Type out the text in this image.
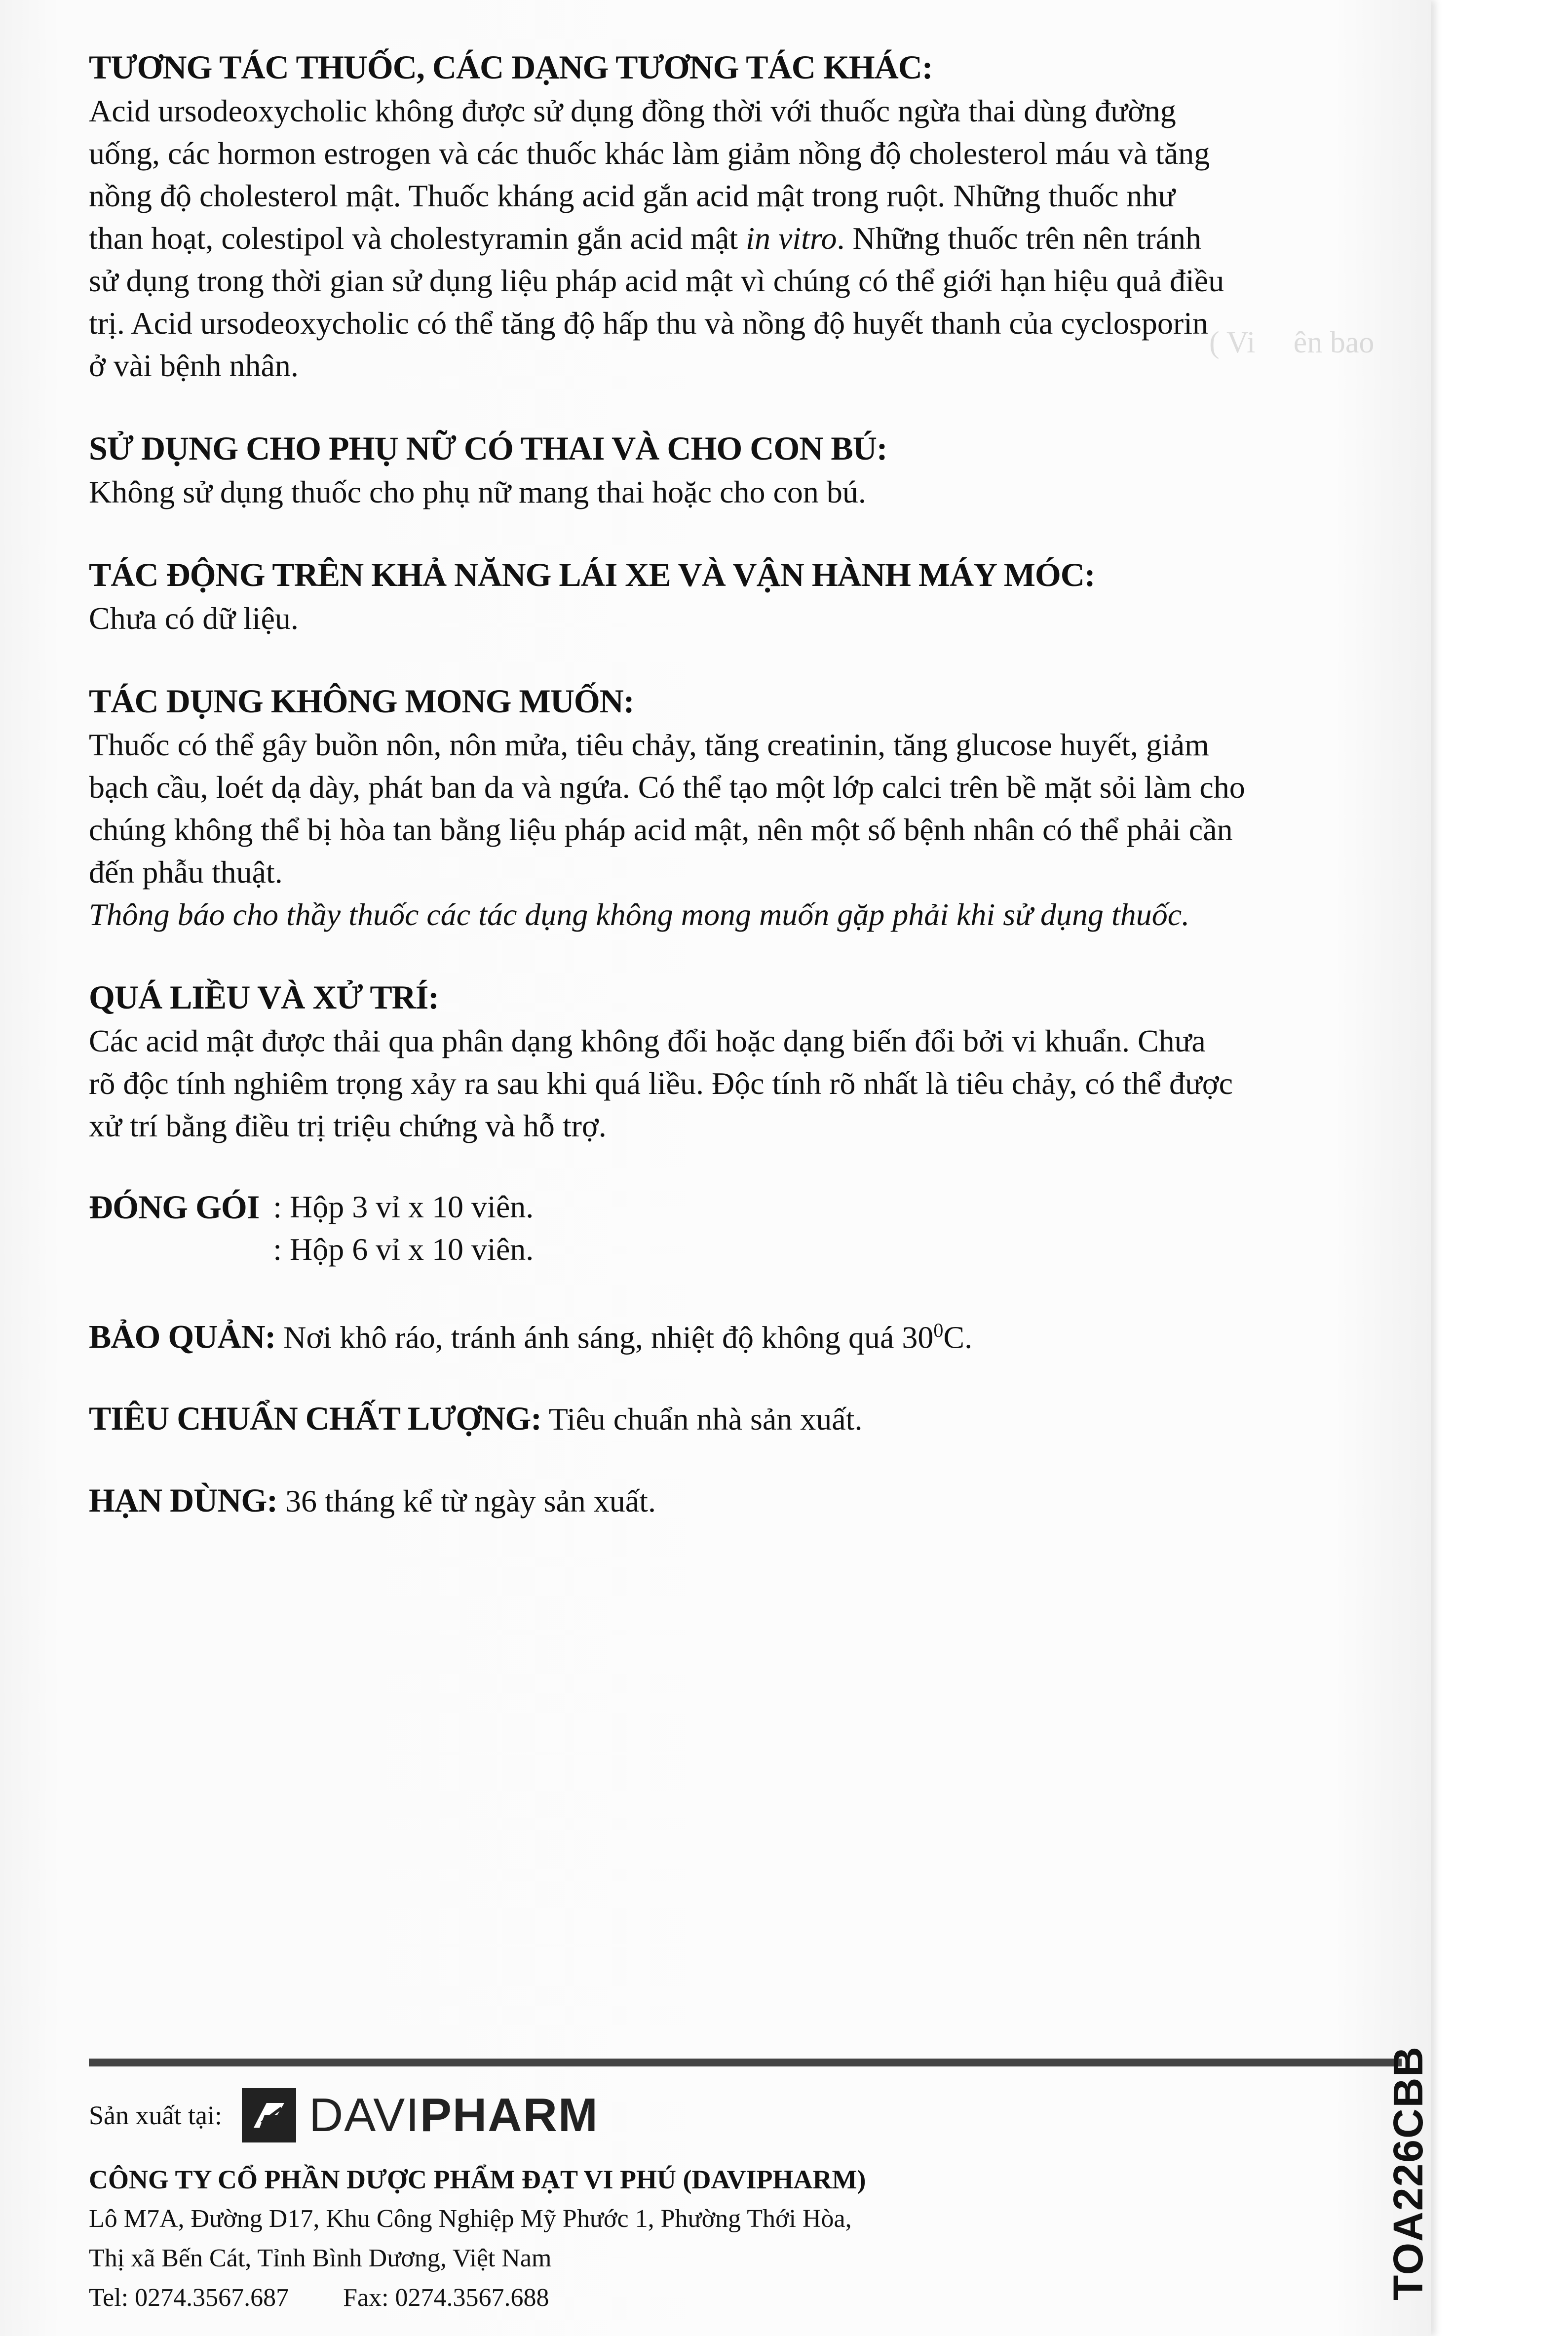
( Vi     ên bao
TƯƠNG TÁC THUỐC, CÁC DẠNG TƯƠNG TÁC KHÁC:

Acid ursodeoxycholic không được sử dụng đồng thời với thuốc ngừa thai dùng đường

uống, các hormon estrogen và các thuốc khác làm giảm nồng độ cholesterol máu và tăng

nồng độ cholesterol mật. Thuốc kháng acid gắn acid mật trong ruột. Những thuốc như

than hoạt, colestipol và cholestyramin gắn acid mật in vitro. Những thuốc trên nên tránh

sử dụng trong thời gian sử dụng liệu pháp acid mật vì chúng có thể giới hạn hiệu quả điều

trị. Acid ursodeoxycholic có thể tăng độ hấp thu và nồng độ huyết thanh của cyclosporin

ở vài bệnh nhân.

SỬ DỤNG CHO PHỤ NỮ CÓ THAI VÀ CHO CON BÚ:

Không sử dụng thuốc cho phụ nữ mang thai hoặc cho con bú.

TÁC ĐỘNG TRÊN KHẢ NĂNG LÁI XE VÀ VẬN HÀNH MÁY MÓC:

Chưa có dữ liệu.

TÁC DỤNG KHÔNG MONG MUỐN:

Thuốc có thể gây buồn nôn, nôn mửa, tiêu chảy, tăng creatinin, tăng glucose huyết, giảm

bạch cầu, loét dạ dày, phát ban da và ngứa. Có thể tạo một lớp calci trên bề mặt sỏi làm cho

chúng không thể bị hòa tan bằng liệu pháp acid mật, nên một số bệnh nhân có thể phải cần

đến phẫu thuật.

Thông báo cho thầy thuốc các tác dụng không mong muốn gặp phải khi sử dụng thuốc.

QUÁ LIỀU VÀ XỬ TRÍ:

Các acid mật được thải qua phân dạng không đổi hoặc dạng biến đổi bởi vi khuẩn. Chưa

rõ độc tính nghiêm trọng xảy ra sau khi quá liều. Độc tính rõ nhất là tiêu chảy, có thể được

xử trí bằng điều trị triệu chứng và hỗ trợ.

ĐÓNG GÓI	: Hộp 3 vỉ x 10 viên.
	: Hộp 6 vỉ x 10 viên.
BẢO QUẢN: Nơi khô ráo, tránh ánh sáng, nhiệt độ không quá $30^0C$.
TIÊU CHUẨN CHẤT LƯỢNG: Tiêu chuẩn nhà sản xuất.
HẠN DÙNG: 36 tháng kể từ ngày sản xuất.
Sản xuất tại: DAVIPHARM
CÔNG TY CỔ PHẦN DƯỢC PHẨM ĐẠT VI PHÚ (DAVIPHARM)
Lô M7A, Đường D17, Khu Công Nghiệp Mỹ Phước 1, Phường Thới Hòa,
Thị xã Bến Cát, Tỉnh Bình Dương, Việt Nam
Tel: 0274.3567.687 Fax: 0274.3567.688	TOA226CBB
